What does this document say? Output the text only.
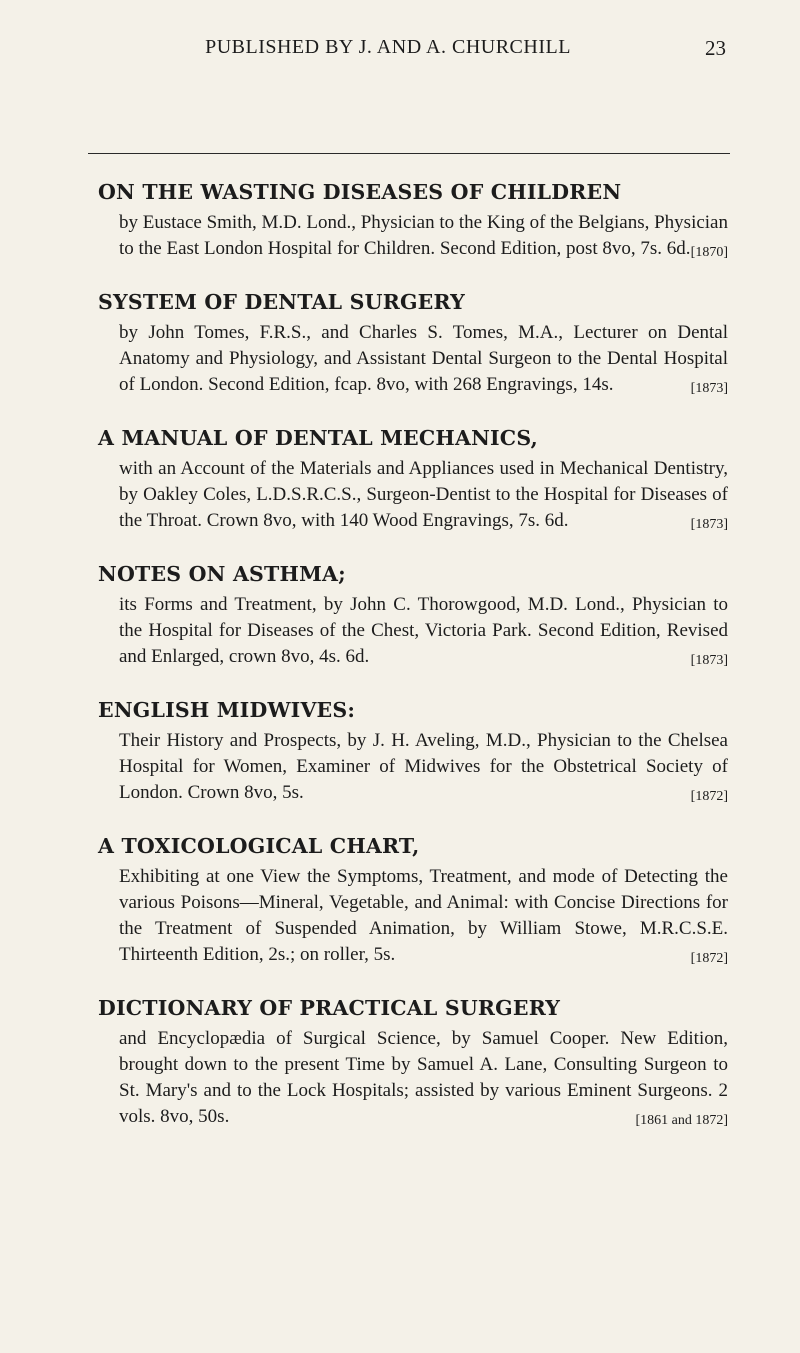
PUBLISHED BY J. AND A. CHURCHILL	23
ON THE WASTING DISEASES OF CHILDREN

by Eustace Smith, M.D. Lond., Physician to the King of the Belgians, Physician to the East London Hospital for Children. Second Edition, post 8vo, 7s. 6d. [1870]

SYSTEM OF DENTAL SURGERY

by John Tomes, F.R.S., and Charles S. Tomes, M.A., Lecturer on Dental Anatomy and Physiology, and Assistant Dental Surgeon to the Dental Hospital of London. Second Edition, fcap. 8vo, with 268 Engravings, 14s.	[1873]

A MANUAL OF DENTAL MECHANICS,

with an Account of the Materials and Appliances used in Mechanical Dentistry, by Oakley Coles, L.D.S.R.C.S., Surgeon-Dentist to the Hospital for Diseases of the Throat. Crown 8vo, with 140 Wood Engravings, 7s. 6d.	[1873]

NOTES ON ASTHMA;

its Forms and Treatment, by John C. Thorowgood, M.D. Lond., Physician to the Hospital for Diseases of the Chest, Victoria Park. Second Edition, Revised and Enlarged, crown 8vo, 4s. 6d.	[1873]

ENGLISH MIDWIVES:

Their History and Prospects, by J. H. Aveling, M.D., Physician to the Chelsea Hospital for Women, Examiner of Midwives for the Obstetrical Society of London. Crown 8vo, 5s.	[1872]

A TOXICOLOGICAL CHART,

Exhibiting at one View the Symptoms, Treatment, and mode of Detecting the various Poisons—Mineral, Vegetable, and Animal: with Concise Directions for the Treatment of Suspended Animation, by William Stowe, M.R.C.S.E. Thirteenth Edition, 2s.; on roller, 5s.	[1872]

DICTIONARY OF PRACTICAL SURGERY

and Encyclopædia of Surgical Science, by Samuel Cooper. New Edition, brought down to the present Time by Samuel A. Lane, Consulting Surgeon to St. Mary's and to the Lock Hospitals; assisted by various Eminent Surgeons. 2 vols. 8vo, 50s.	[1861 and 1872]
